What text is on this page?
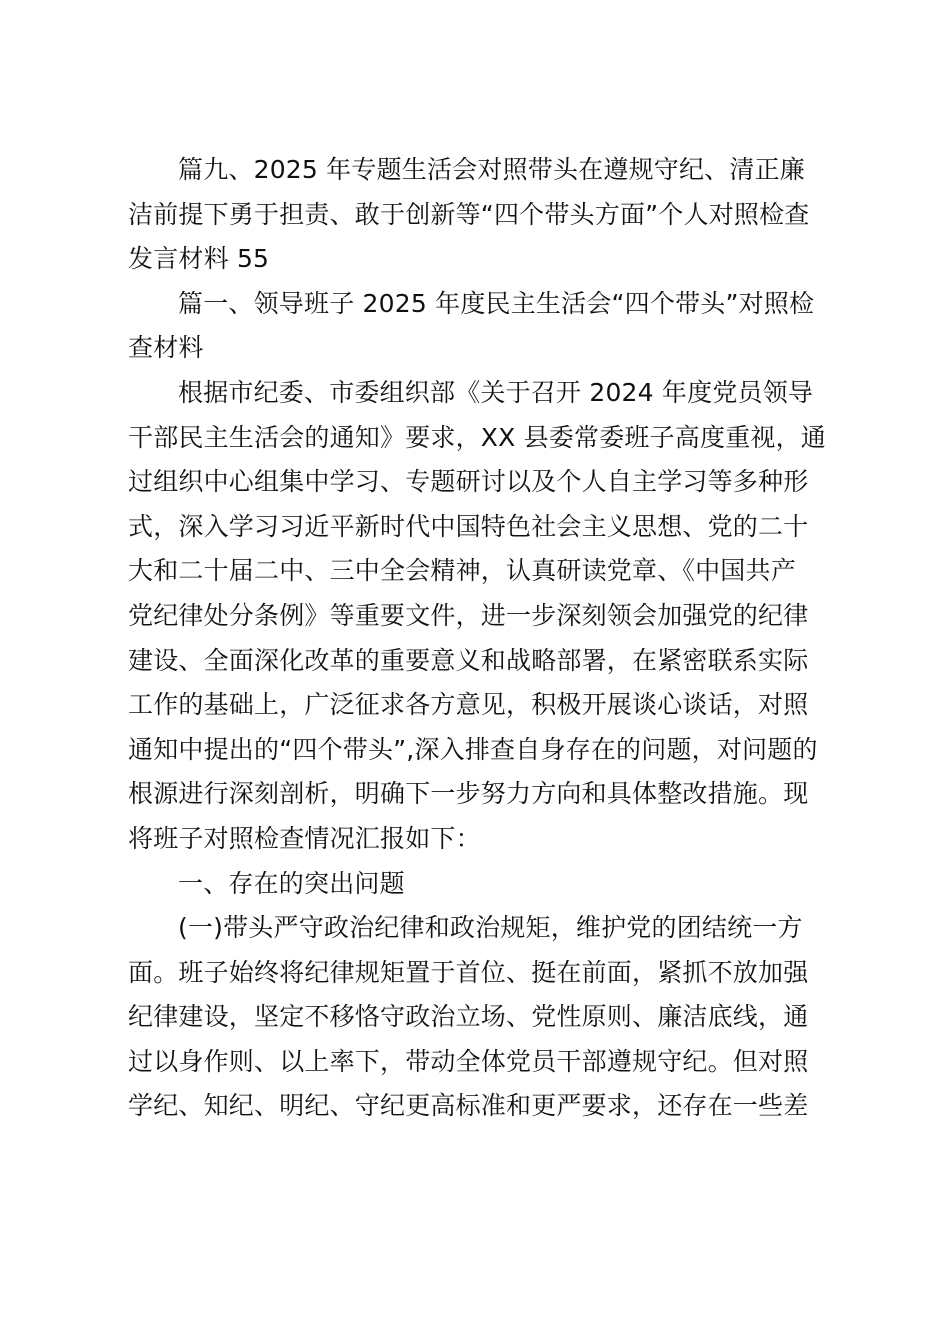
篇九、2025 年专题生活会对照带头在遵规守纪、清正廉
洁前提下勇于担责、敢于创新等“四个带头方面”个人对照检查
发言材料 55

篇一、领导班子 2025 年度民主生活会“四个带头”对照检
查材料

根据市纪委、市委组织部《关于召开 2024 年度党员领导
干部民主生活会的通知》要求，XX 县委常委班子高度重视，通
过组织中心组集中学习、专题研讨以及个人自主学习等多种形
式，深入学习习近平新时代中国特色社会主义思想、党的二十
大和二十届二中、三中全会精神，认真研读党章、《中国共产
党纪律处分条例》等重要文件，进一步深刻领会加强党的纪律
建设、全面深化改革的重要意义和战略部署，在紧密联系实际
工作的基础上，广泛征求各方意见，积极开展谈心谈话，对照
通知中提出的“四个带头”,深入排查自身存在的问题，对问题的
根源进行深刻剖析，明确下一步努力方向和具体整改措施。现
将班子对照检查情况汇报如下：

一、存在的突出问题

(一)带头严守政治纪律和政治规矩，维护党的团结统一方
面。班子始终将纪律规矩置于首位、挺在前面，紧抓不放加强
纪律建设，坚定不移恪守政治立场、党性原则、廉洁底线，通
过以身作则、以上率下，带动全体党员干部遵规守纪。但对照
学纪、知纪、明纪、守纪更高标准和更严要求，还存在一些差
